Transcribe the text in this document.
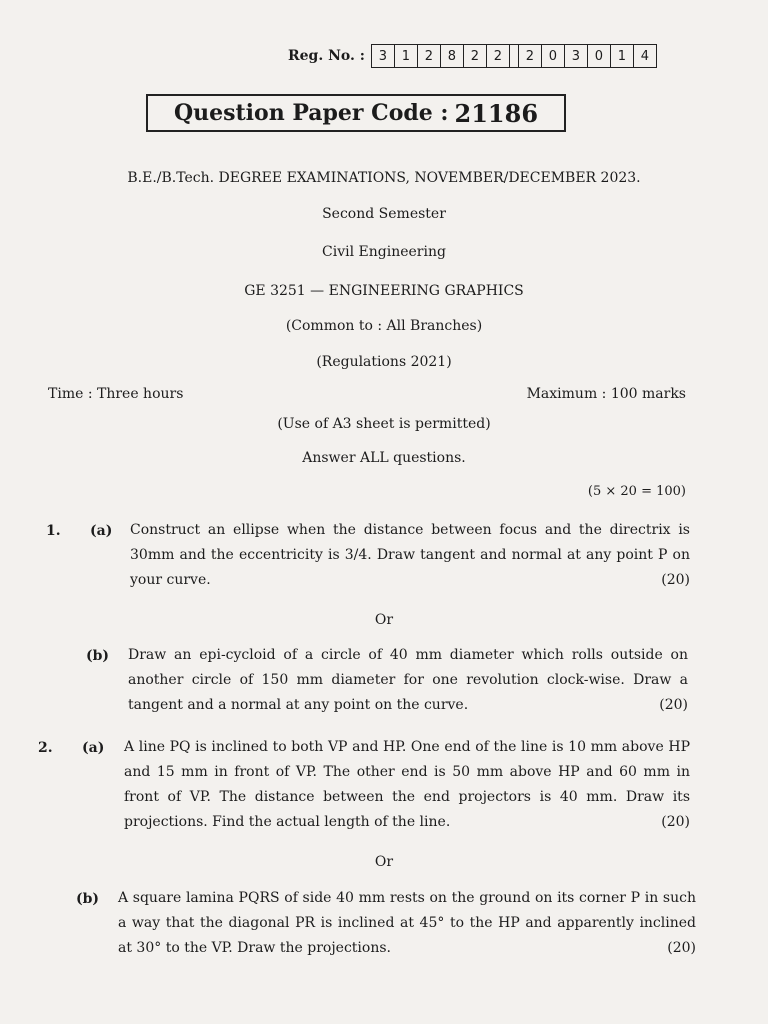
Reg. No. :	3	1	2	8	2	2	2	0	3	0	1	4
Question Paper Code : 21186
B.E./B.Tech. DEGREE EXAMINATIONS, NOVEMBER/DECEMBER 2023.
Second Semester
Civil Engineering
GE 3251 — ENGINEERING GRAPHICS
(Common to : All Branches)
(Regulations 2021)
Time : Three hours	Maximum : 100 marks
(Use of A3 sheet is permitted)
Answer ALL questions.
(5 × 20 = 100)
1. (a) Construct an ellipse when the distance between focus and the directrix is 30mm and the eccentricity is 3/4. Draw tangent and normal at any point P on your curve.	(20)
Or
(b) Draw an epi-cycloid of a circle of 40 mm diameter which rolls outside on another circle of 150 mm diameter for one revolution clock-wise. Draw a tangent and a normal at any point on the curve.	(20)
2. (a) A line PQ is inclined to both VP and HP. One end of the line is 10 mm above HP and 15 mm in front of VP. The other end is 50 mm above HP and 60 mm in front of VP. The distance between the end projectors is 40 mm. Draw its projections. Find the actual length of the line.	(20)
Or
(b) A square lamina PQRS of side 40 mm rests on the ground on its corner P in such a way that the diagonal PR is inclined at 45° to the HP and apparently inclined at 30° to the VP. Draw the projections.	(20)
